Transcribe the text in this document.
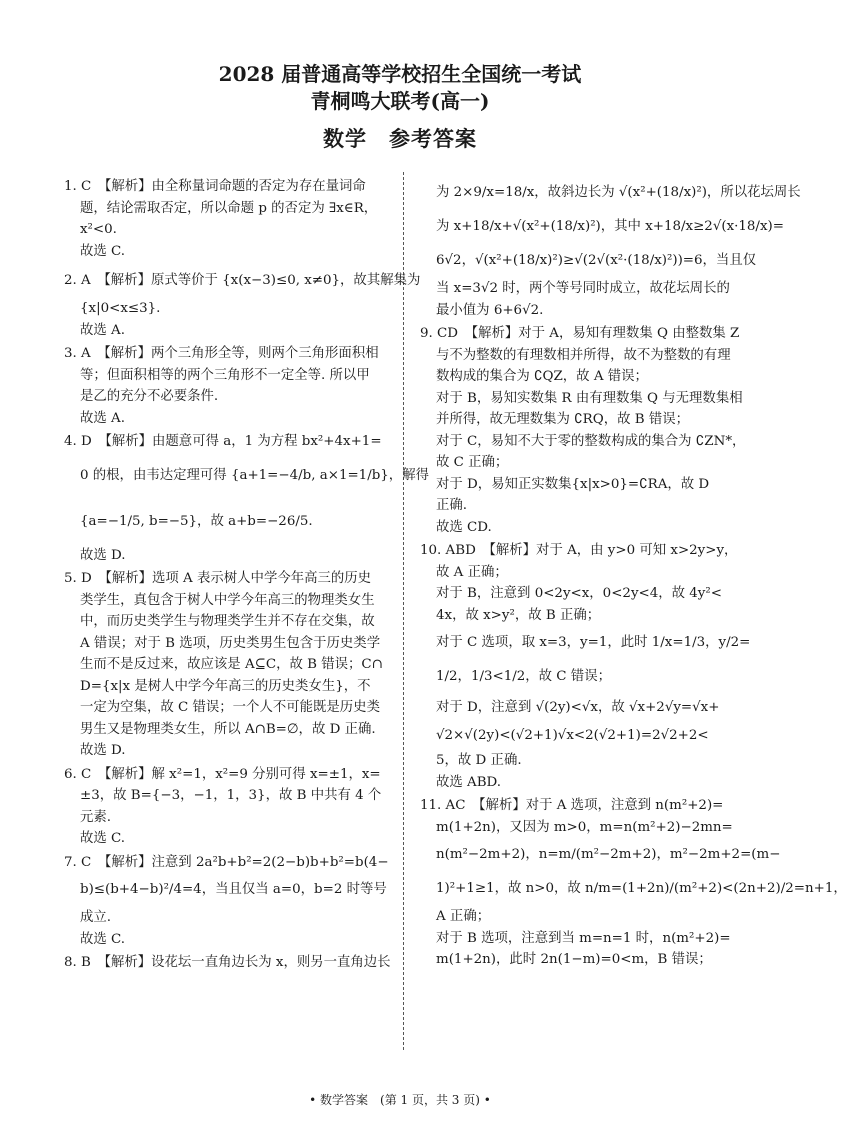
2028 届普通高等学校招生全国统一考试
青桐鸣大联考(高一)
数学　参考答案
1. C　【解析】由全称量词命题的否定为存在量词命
题，结论需取否定，所以命题 p 的否定为 ∃x∈R，
x²<0.
故选 C.
2. A　【解析】原式等价于 {x(x−3)≤0, x≠0}，故其解集为
{x|0<x≤3}.
故选 A.
3. A　【解析】两个三角形全等，则两个三角形面积相
等；但面积相等的两个三角形不一定全等. 所以甲
是乙的充分不必要条件.
故选 A.
4. D　【解析】由题意可得 a，1 为方程 bx²+4x+1=
0 的根，由韦达定理可得 {a+1=−4/b, a×1=1/b}，解得
{a=−1/5, b=−5}，故 a+b=−26/5.
故选 D.
5. D　【解析】选项 A 表示树人中学今年高三的历史
类学生，真包含于树人中学今年高三的物理类女生
中，而历史类学生与物理类学生并不存在交集，故
A 错误；对于 B 选项，历史类男生包含于历史类学
生而不是反过来，故应该是 A⊆C，故 B 错误；C∩
D={x|x 是树人中学今年高三的历史类女生}，不
一定为空集，故 C 错误；一个人不可能既是历史类
男生又是物理类女生，所以 A∩B=∅，故 D 正确.
故选 D.
6. C　【解析】解 x²=1，x²=9 分别可得 x=±1，x=
±3，故 B={−3，−1，1，3}，故 B 中共有 4 个
元素.
故选 C.
7. C　【解析】注意到 2a²b+b²=2(2−b)b+b²=b(4−
b)≤(b+4−b)²/4=4，当且仅当 a=0，b=2 时等号
成立.
故选 C.
8. B　【解析】设花坛一直角边长为 x，则另一直角边长
为 2×9/x=18/x，故斜边长为 √(x²+(18/x)²)，所以花坛周长
为 x+18/x+√(x²+(18/x)²)，其中 x+18/x≥2√(x·18/x)=
6√2，√(x²+(18/x)²)≥√(2√(x²·(18/x)²))=6，当且仅
当 x=3√2 时，两个等号同时成立，故花坛周长的
最小值为 6+6√2.
9. CD　【解析】对于 A，易知有理数集 Q 由整数集 Z
与不为整数的有理数相并所得，故不为整数的有理
数构成的集合为 ∁QZ，故 A 错误；
对于 B，易知实数集 R 由有理数集 Q 与无理数集相
并所得，故无理数集为 ∁RQ，故 B 错误；
对于 C，易知不大于零的整数构成的集合为 ∁ZN*，
故 C 正确；
对于 D，易知正实数集{x|x>0}=∁RA，故 D
正确.
故选 CD.
10. ABD　【解析】对于 A，由 y>0 可知 x>2y>y，
故 A 正确；
对于 B，注意到 0<2y<x，0<2y<4，故 4y²<
4x，故 x>y²，故 B 正确；
对于 C 选项，取 x=3，y=1，此时 1/x=1/3，y/2=
1/2，1/3<1/2，故 C 错误；
对于 D，注意到 √(2y)<√x，故 √x+2√y=√x+
√2×√(2y)<(√2+1)√x<2(√2+1)=2√2+2<
5，故 D 正确.
故选 ABD.
11. AC　【解析】对于 A 选项，注意到 n(m²+2)=
m(1+2n)，又因为 m>0，m=n(m²+2)−2mn=
n(m²−2m+2)，n=m/(m²−2m+2)，m²−2m+2=(m−
1)²+1≥1，故 n>0，故 n/m=(1+2n)/(m²+2)<(2n+2)/2=n+1，
A 正确；
对于 B 选项，注意到当 m=n=1 时，n(m²+2)=
m(1+2n)，此时 2n(1−m)=0<m，B 错误；
• 数学答案　(第 1 页，共 3 页) •
